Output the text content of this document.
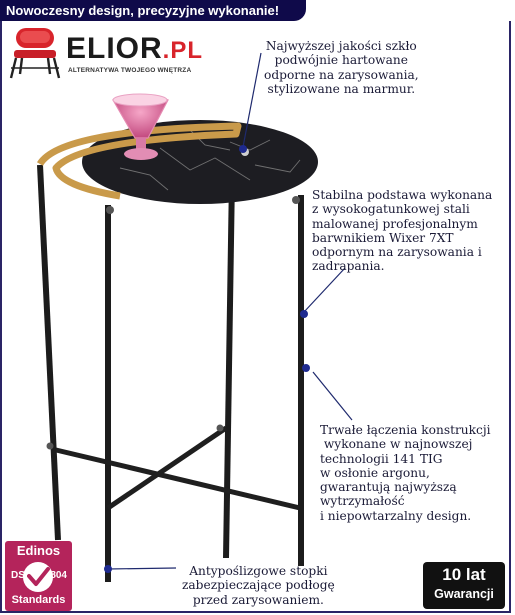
Nowoczesny design, precyzyjne wykonanie!
ELIOR.PL
ALTERNATYWA TWOJEGO WNĘTRZA
Najwyższej jakości szkło
podwójnie hartowane
odporne na zarysowania,
stylizowane na marmur.
Stabilna podstawa wykonana
z wysokogatunkowej stali
malowanej profesjonalnym
barwnikiem Wixer 7XT
odpornym na zarysowania i
zadrapania.
Trwałe łączenia konstrukcji
wykonane w najnowszej
technologii 141 TIG
w osłonie argonu,
gwarantują najwyższą
wytrzymałość
i niepowtarzalny design.
Antypoślizgowe stopki
zabezpieczające podłogę
przed zarysowaniem.
Edinos
DSI 804
Standards
10 lat
Gwarancji
